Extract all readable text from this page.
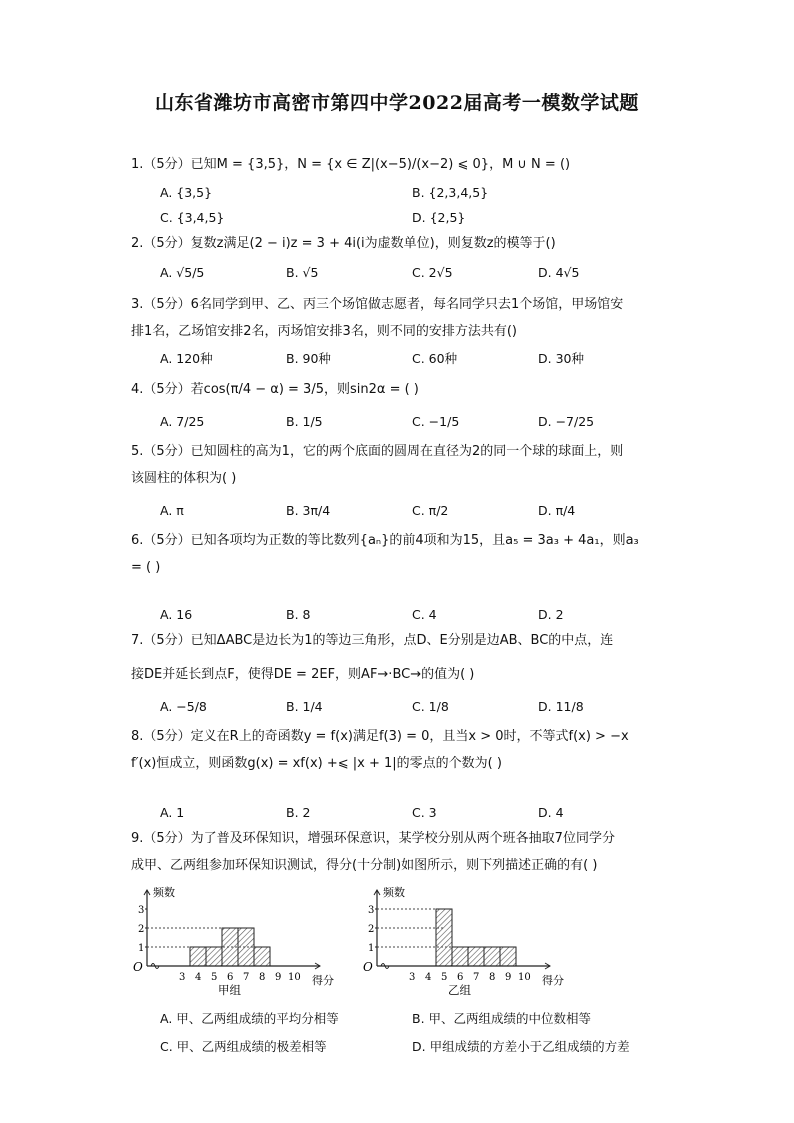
山东省潍坊市高密市第四中学2022届高考一模数学试题
1.（5分）已知M = {3,5}，N = {x ∈ Z|(x−5)/(x−2) ⩽ 0}，M ∪ N = ()
A. {3,5}	B. {2,3,4,5}
C. {3,4,5}	D. {2,5}
2.（5分）复数z满足(2 − i)z = 3 + 4i(i为虚数单位)，则复数z的模等于()
A. √5/5	B. √5	C. 2√5	D. 4√5
3.（5分）6名同学到甲、乙、丙三个场馆做志愿者，每名同学只去1个场馆，甲场馆安
排1名，乙场馆安排2名，丙场馆安排3名，则不同的安排方法共有()
A. 120种	B. 90种	C. 60种	D. 30种
4.（5分）若cos(π/4 − α) = 3/5，则sin2α = ( )
A. 7/25	B. 1/5	C. −1/5	D. −7/25
5.（5分）已知圆柱的高为1，它的两个底面的圆周在直径为2的同一个球的球面上，则
该圆柱的体积为( )
A. π	B. 3π/4	C. π/2	D. π/4
6.（5分）已知各项均为正数的等比数列{aₙ}的前4项和为15，且a₅ = 3a₃ + 4a₁，则a₃
= ( )
A. 16	B. 8	C. 4	D. 2
7.（5分）已知ΔABC是边长为1的等边三角形，点D、E分别是边AB、BC的中点，连
接DE并延长到点F，使得DE = 2EF，则AF→·BC→的值为( )
A. −5/8	B. 1/4	C. 1/8	D. 11/8
8.（5分）定义在R上的奇函数y = f(x)满足f(3) = 0，且当x > 0时，不等式f(x) > −x
f′(x)恒成立，则函数g(x) = xf(x) +⩽ |x + 1|的零点的个数为( )
A. 1	B. 2	C. 3	D. 4
9.（5分）为了普及环保知识，增强环保意识，某学校分别从两个班各抽取7位同学分
成甲、乙两组参加环保知识测试，得分(十分制)如图所示，则下列描述正确的有( )
频数
得分
O
1
2
3
3 4 5 6 7 8 9 10
甲组
频数
得分
O
1
2
3
3 4 5 6 7 8 9 10
乙组
A. 甲、乙两组成绩的平均分相等	B. 甲、乙两组成绩的中位数相等
C. 甲、乙两组成绩的极差相等	D. 甲组成绩的方差小于乙组成绩的方差
